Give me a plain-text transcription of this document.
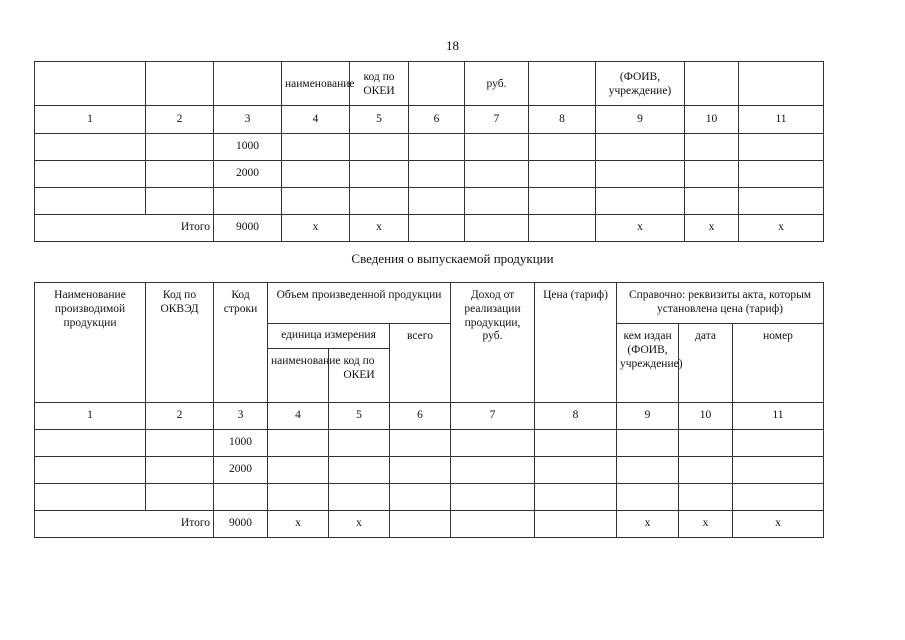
18
			наименование	код по ОКЕИ		руб.		(ФОИВ, учреждение)		
1	2	3	4	5	6	7	8	9	10	11
		1000								
		2000								

Итого		9000	х	х				х	х	х
Сведения о выпускаемой продукции
Наименование производимой продукции	Код по ОКВЭД	Код строки	Объем произведенной продукции			Доход от реализации продукции, руб.	Цена (тариф)	Справочно: реквизиты акта, которым установлена цена (тариф)		
			единица измерения		всего			кем издан (ФОИВ, учреждение)	дата	номер
			наименование	код по ОКЕИ						
1	2	3	4	5	6	7	8	9	10	11
		1000								
		2000								

Итого		9000	х	х				х	х	х
